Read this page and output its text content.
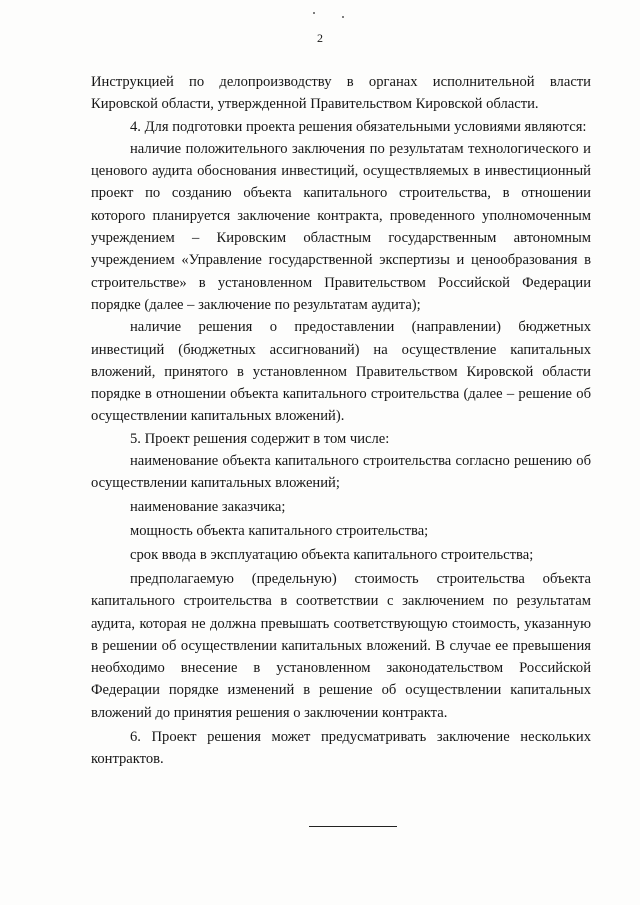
2

Инструкцией по делопроизводству в органах исполнительной власти Кировской области, утвержденной Правительством Кировской области.

4. Для подготовки проекта решения обязательными условиями являются:

наличие положительного заключения по результатам технологического и ценового аудита обоснования инвестиций, осуществляемых в инвестиционный проект по созданию объекта капитального строительства, в отношении которого планируется заключение контракта, проведенного уполномоченным учреждением – Кировским областным государственным автономным учреждением «Управление государственной экспертизы и ценообразования в строительстве» в установленном Правительством Российской Федерации порядке (далее – заключение по результатам аудита);

наличие решения о предоставлении (направлении) бюджетных инвестиций (бюджетных ассигнований) на осуществление капитальных вложений, принятого в установленном Правительством Кировской области порядке в отношении объекта капитального строительства (далее – решение об осуществлении капитальных вложений).

5. Проект решения содержит в том числе:

наименование объекта капитального строительства согласно решению об осуществлении капитальных вложений;

наименование заказчика;

мощность объекта капитального строительства;

срок ввода в эксплуатацию объекта капитального строительства;

предполагаемую (предельную) стоимость строительства объекта капитального строительства в соответствии с заключением по результатам аудита, которая не должна превышать соответствующую стоимость, указанную в решении об осуществлении капитальных вложений. В случае ее превышения необходимо внесение в установленном законодательством Российской Федерации порядке изменений в решение об осуществлении капитальных вложений до принятия решения о заключении контракта.

6. Проект решения может предусматривать заключение нескольких контрактов.
